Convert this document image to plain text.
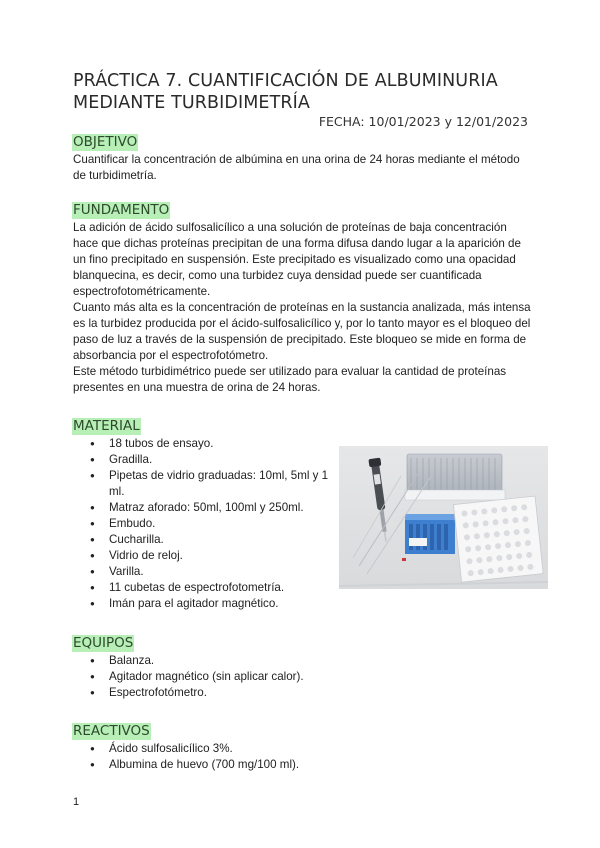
PRÁCTICA 7. CUANTIFICACIÓN DE ALBUMINURIA MEDIANTE TURBIDIMETRÍA
FECHA: 10/01/2023 y 12/01/2023
OBJETIVO

Cuantificar la concentración de albúmina en una orina de 24 horas mediante el método de turbidimetría.

FUNDAMENTO

La adición de ácido sulfosalicílico a una solución de proteínas de baja concentración hace que dichas proteínas precipitan de una forma difusa dando lugar a la aparición de un fino precipitado en suspensión. Este precipitado es visualizado como una opacidad blanquecina, es decir, como una turbidez cuya densidad puede ser cuantificada espectrofotométricamente.

Cuanto más alta es la concentración de proteínas en la sustancia analizada, más intensa es la turbidez producida por el ácido-sulfosalicílico y, por lo tanto mayor es el bloqueo del paso de luz a través de la suspensión de precipitado. Este bloqueo se mide en forma de absorbancia por el espectrofotómetro.

Este método turbidimétrico puede ser utilizado para evaluar la cantidad de proteínas presentes en una muestra de orina de 24 horas.

MATERIAL
● 18 tubos de ensayo.
● Gradilla.
● Pipetas de vidrio graduadas: 10ml, 5ml y 1 ml.
● Matraz aforado: 50ml, 100ml y 250ml.
● Embudo.
● Cucharilla.
● Vidrio de reloj.
● Varilla.
● 11 cubetas de espectrofotometría.
● Imán para el agitador magnético.
EQUIPOS
● Balanza.
● Agitador magnético (sin aplicar calor).
● Espectrofotómetro.
REACTIVOS
● Ácido sulfosalicílico 3%.
● Albumina de huevo (700 mg/100 ml).
1
